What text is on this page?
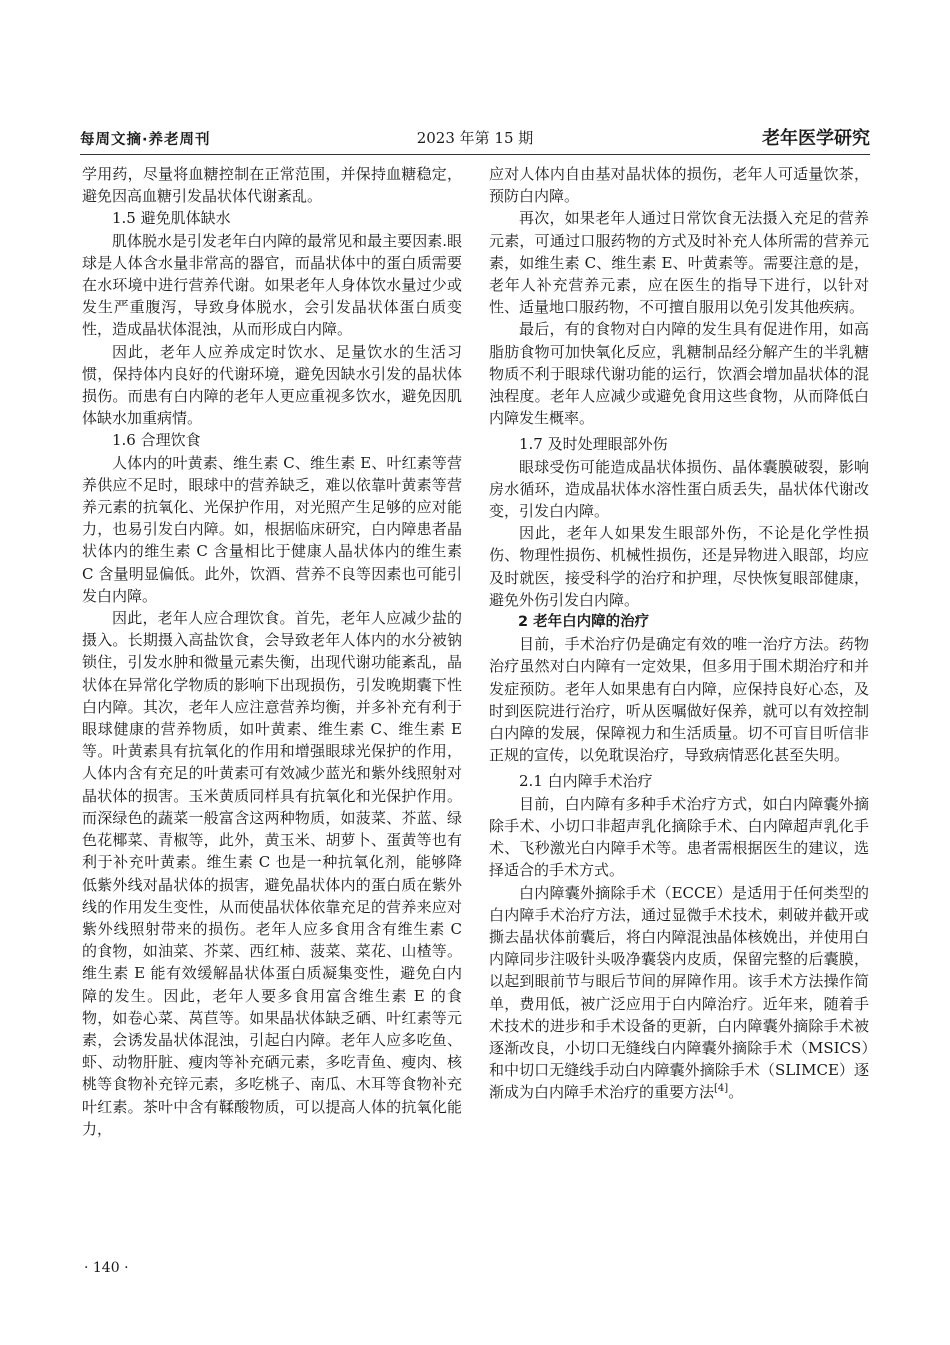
每周文摘·养老周刊	2023 年第 15 期	老年医学研究

学用药，尽量将血糖控制在正常范围，并保持血糖稳定，避免因高血糖引发晶状体代谢紊乱。

1.5 避免肌体缺水

肌体脱水是引发老年白内障的最常见和最主要因素.眼球是人体含水量非常高的器官，而晶状体中的蛋白质需要在水环境中进行营养代谢。如果老年人身体饮水量过少或发生严重腹泻，导致身体脱水，会引发晶状体蛋白质变性，造成晶状体混浊，从而形成白内障。

因此，老年人应养成定时饮水、足量饮水的生活习惯，保持体内良好的代谢环境，避免因缺水引发的晶状体损伤。而患有白内障的老年人更应重视多饮水，避免因肌体缺水加重病情。

1.6 合理饮食

人体内的叶黄素、维生素 C、维生素 E、叶红素等营养供应不足时，眼球中的营养缺乏，难以依靠叶黄素等营养元素的抗氧化、光保护作用，对光照产生足够的应对能力，也易引发白内障。如，根据临床研究，白内障患者晶状体内的维生素 C 含量相比于健康人晶状体内的维生素 C 含量明显偏低。此外，饮酒、营养不良等因素也可能引发白内障。

因此，老年人应合理饮食。首先，老年人应减少盐的摄入。长期摄入高盐饮食，会导致老年人体内的水分被钠锁住，引发水肿和微量元素失衡，出现代谢功能紊乱，晶状体在异常化学物质的影响下出现损伤，引发晚期囊下性白内障。其次，老年人应注意营养均衡，并多补充有利于眼球健康的营养物质，如叶黄素、维生素 C、维生素 E 等。叶黄素具有抗氧化的作用和增强眼球光保护的作用，人体内含有充足的叶黄素可有效减少蓝光和紫外线照射对晶状体的损害。玉米黄质同样具有抗氧化和光保护作用。而深绿色的蔬菜一般富含这两种物质，如菠菜、芥蓝、绿色花椰菜、青椒等，此外，黄玉米、胡萝卜、蛋黄等也有利于补充叶黄素。维生素 C 也是一种抗氧化剂，能够降低紫外线对晶状体的损害，避免晶状体内的蛋白质在紫外线的作用发生变性，从而使晶状体依靠充足的营养来应对紫外线照射带来的损伤。老年人应多食用含有维生素 C 的食物，如油菜、芥菜、西红柿、菠菜、菜花、山楂等。维生素 E 能有效缓解晶状体蛋白质凝集变性，避免白内障的发生。因此，老年人要多食用富含维生素 E 的食物，如卷心菜、莴苣等。如果晶状体缺乏硒、叶红素等元素，会诱发晶状体混浊，引起白内障。老年人应多吃鱼、虾、动物肝脏、瘦肉等补充硒元素，多吃青鱼、瘦肉、核桃等食物补充锌元素，多吃桃子、南瓜、木耳等食物补充叶红素。茶叶中含有鞣酸物质，可以提高人体的抗氧化能力，

应对人体内自由基对晶状体的损伤，老年人可适量饮茶，预防白内障。

再次，如果老年人通过日常饮食无法摄入充足的营养元素，可通过口服药物的方式及时补充人体所需的营养元素，如维生素 C、维生素 E、叶黄素等。需要注意的是，老年人补充营养元素，应在医生的指导下进行，以针对性、适量地口服药物，不可擅自服用以免引发其他疾病。

最后，有的食物对白内障的发生具有促进作用，如高脂肪食物可加快氧化反应，乳糖制品经分解产生的半乳糖物质不利于眼球代谢功能的运行，饮酒会增加晶状体的混浊程度。老年人应减少或避免食用这些食物，从而降低白内障发生概率。

1.7 及时处理眼部外伤

眼球受伤可能造成晶状体损伤、晶体囊膜破裂，影响房水循环，造成晶状体水溶性蛋白质丢失，晶状体代谢改变，引发白内障。

因此，老年人如果发生眼部外伤，不论是化学性损伤、物理性损伤、机械性损伤，还是异物进入眼部，均应及时就医，接受科学的治疗和护理，尽快恢复眼部健康，避免外伤引发白内障。

2 老年白内障的治疗

目前，手术治疗仍是确定有效的唯一治疗方法。药物治疗虽然对白内障有一定效果，但多用于围术期治疗和并发症预防。老年人如果患有白内障，应保持良好心态，及时到医院进行治疗，听从医嘱做好保养，就可以有效控制白内障的发展，保障视力和生活质量。切不可盲目听信非正规的宣传，以免耽误治疗，导致病情恶化甚至失明。

2.1 白内障手术治疗

目前，白内障有多种手术治疗方式，如白内障囊外摘除手术、小切口非超声乳化摘除手术、白内障超声乳化手术、飞秒激光白内障手术等。患者需根据医生的建议，选择适合的手术方式。

白内障囊外摘除手术（ECCE）是适用于任何类型的白内障手术治疗方法，通过显微手术技术，刺破并截开或撕去晶状体前囊后，将白内障混浊晶体核娩出，并使用白内障同步注吸针头吸净囊袋内皮质，保留完整的后囊膜，以起到眼前节与眼后节间的屏障作用。该手术方法操作简单，费用低，被广泛应用于白内障治疗。近年来，随着手术技术的进步和手术设备的更新，白内障囊外摘除手术被逐渐改良，小切口无缝线白内障囊外摘除手术（MSICS）和中切口无缝线手动白内障囊外摘除手术（SLIMCE）逐渐成为白内障手术治疗的重要方法[4]。

· 140 ·
